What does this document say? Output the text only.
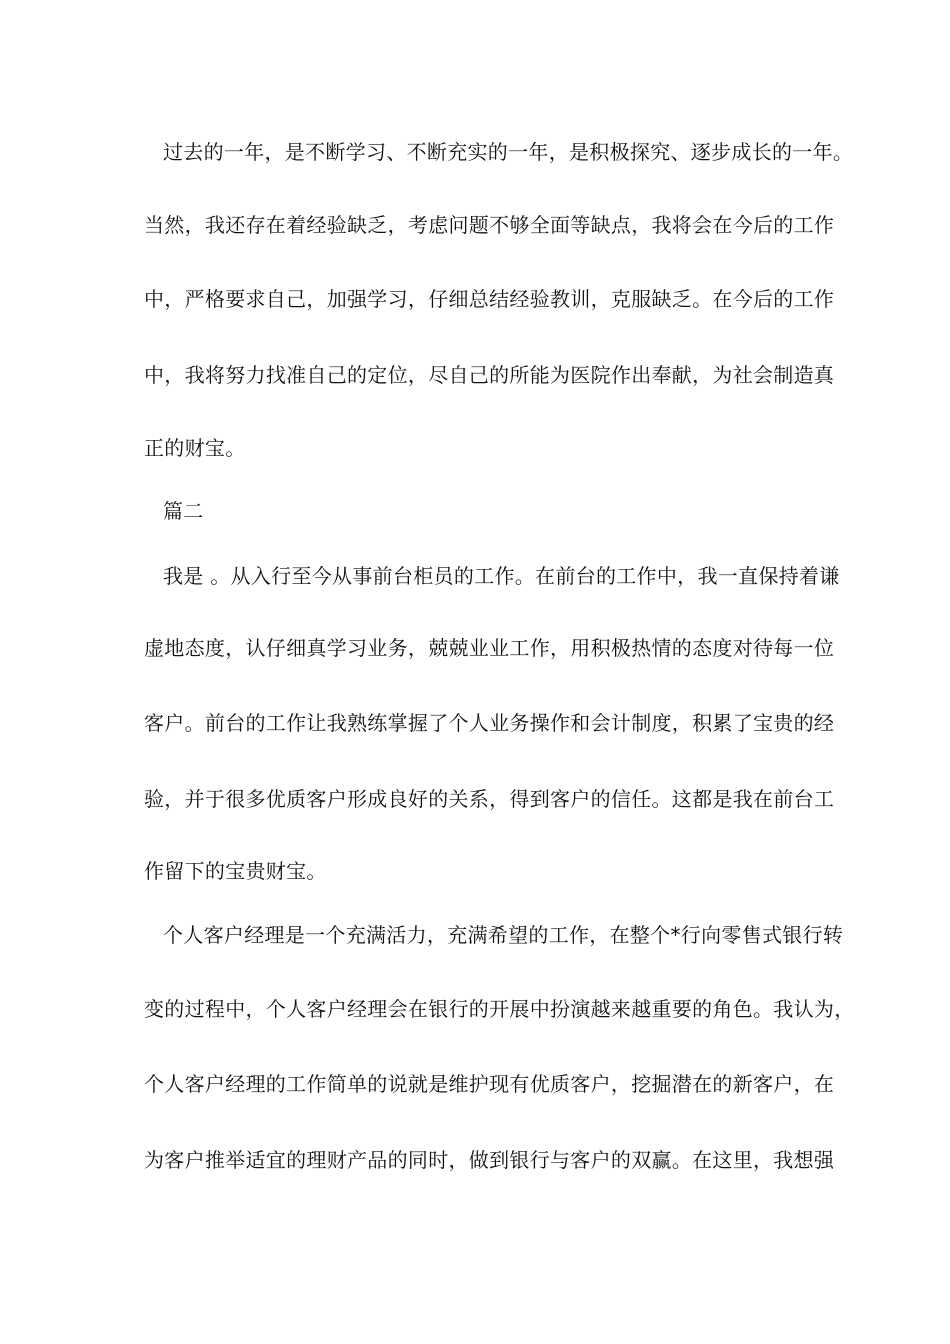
过去的一年，是不断学习、不断充实的一年，是积极探究、逐步成长的一年。
当然，我还存在着经验缺乏，考虑问题不够全面等缺点，我将会在今后的工作
中，严格要求自己，加强学习，仔细总结经验教训，克服缺乏。在今后的工作
中，我将努力找准自己的定位，尽自己的所能为医院作出奉献，为社会制造真
正的财宝。
篇二
我是 。从入行至今从事前台柜员的工作。在前台的工作中，我一直保持着谦
虚地态度，认仔细真学习业务，兢兢业业工作，用积极热情的态度对待每一位
客户。前台的工作让我熟练掌握了个人业务操作和会计制度，积累了宝贵的经
验，并于很多优质客户形成良好的关系，得到客户的信任。这都是我在前台工
作留下的宝贵财宝。
个人客户经理是一个充满活力，充满希望的工作，在整个*行向零售式银行转
变的过程中，个人客户经理会在银行的开展中扮演越来越重要的角色。我认为，
个人客户经理的工作简单的说就是维护现有优质客户，挖掘潜在的新客户，在
为客户推举适宜的理财产品的同时，做到银行与客户的双赢。在这里，我想强
